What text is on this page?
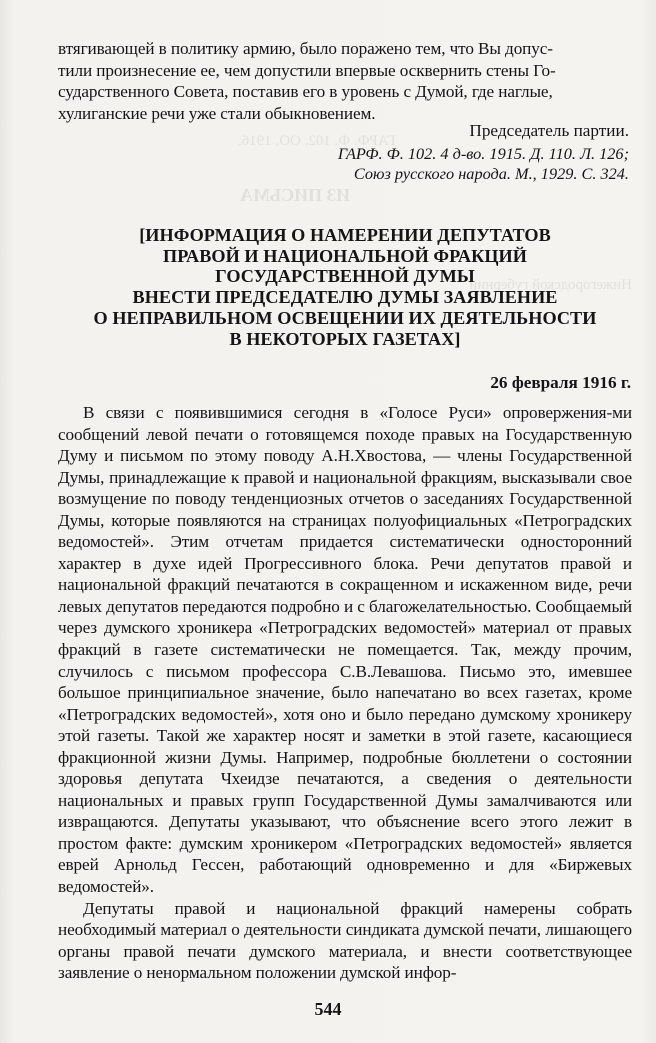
ГАРФ. Ф. 102. ОО. 1916.
ИЗ ПИСЬМА
Нижегородской губернии

втягивающей в политику армию, было поражено тем, что Вы допус-

тили произнесение ее, чем допустили впервые осквернить стены Го-

сударственного Совета, поставив его в уровень с Думой, где наглые,

хулиганские речи уже стали обыкновением.

Председатель партии.
ГАРФ. Ф. 102. 4 д-во. 1915. Д. 110. Л. 126;
Союз русского народа. М., 1929. С. 324.
[ИНФОРМАЦИЯ О НАМЕРЕНИИ ДЕПУТАТОВ
ПРАВОЙ И НАЦИОНАЛЬНОЙ ФРАКЦИЙ
ГОСУДАРСТВЕННОЙ ДУМЫ
ВНЕСТИ ПРЕДСЕДАТЕЛЮ ДУМЫ ЗАЯВЛЕНИЕ
О НЕПРАВИЛЬНОМ ОСВЕЩЕНИИ ИХ ДЕЯТЕЛЬНОСТИ
В НЕКОТОРЫХ ГАЗЕТАХ]
26 февраля 1916 г.

В связи с появившимися сегодня в «Голосе Руси» опровержения-ми сообщений левой печати о готовящемся походе правых на Государственную Думу и письмом по этому поводу А.Н.Хвостова, — члены Государственной Думы, принадлежащие к правой и национальной фракциям, высказывали свое возмущение по поводу тенденциозных отчетов о заседаниях Государственной Думы, которые появляются на страницах полуофициальных «Петроградских ведомостей». Этим отчетам придается систематически односторонний характер в духе идей Прогрессивного блока. Речи депутатов правой и национальной фракций печатаются в сокращенном и искаженном виде, речи левых депутатов передаются подробно и с благожелательностью. Сообщаемый через думского хроникера «Петроградских ведомостей» материал от правых фракций в газете систематически не помещается. Так, между прочим, случилось с письмом профессора С.В.Левашова. Письмо это, имевшее большое принципиальное значение, было напечатано во всех газетах, кроме «Петроградских ведомостей», хотя оно и было передано думскому хроникеру этой газеты. Такой же характер носят и заметки в этой газете, касающиеся фракционной жизни Думы. Например, подробные бюллетени о состоянии здоровья депутата Чхеидзе печатаются, а сведения о деятельности национальных и правых групп Государственной Думы замалчиваются или извращаются. Депутаты указывают, что объяснение всего этого лежит в простом факте: думским хроникером «Петроградских ведомостей» является еврей Арнольд Гессен, работающий одновременно и для «Биржевых ведомостей».

Депутаты правой и национальной фракций намерены собрать необходимый материал о деятельности синдиката думской печати, лишающего органы правой печати думского материала, и внести соответствующее заявление о ненормальном положении думской инфор-

544
